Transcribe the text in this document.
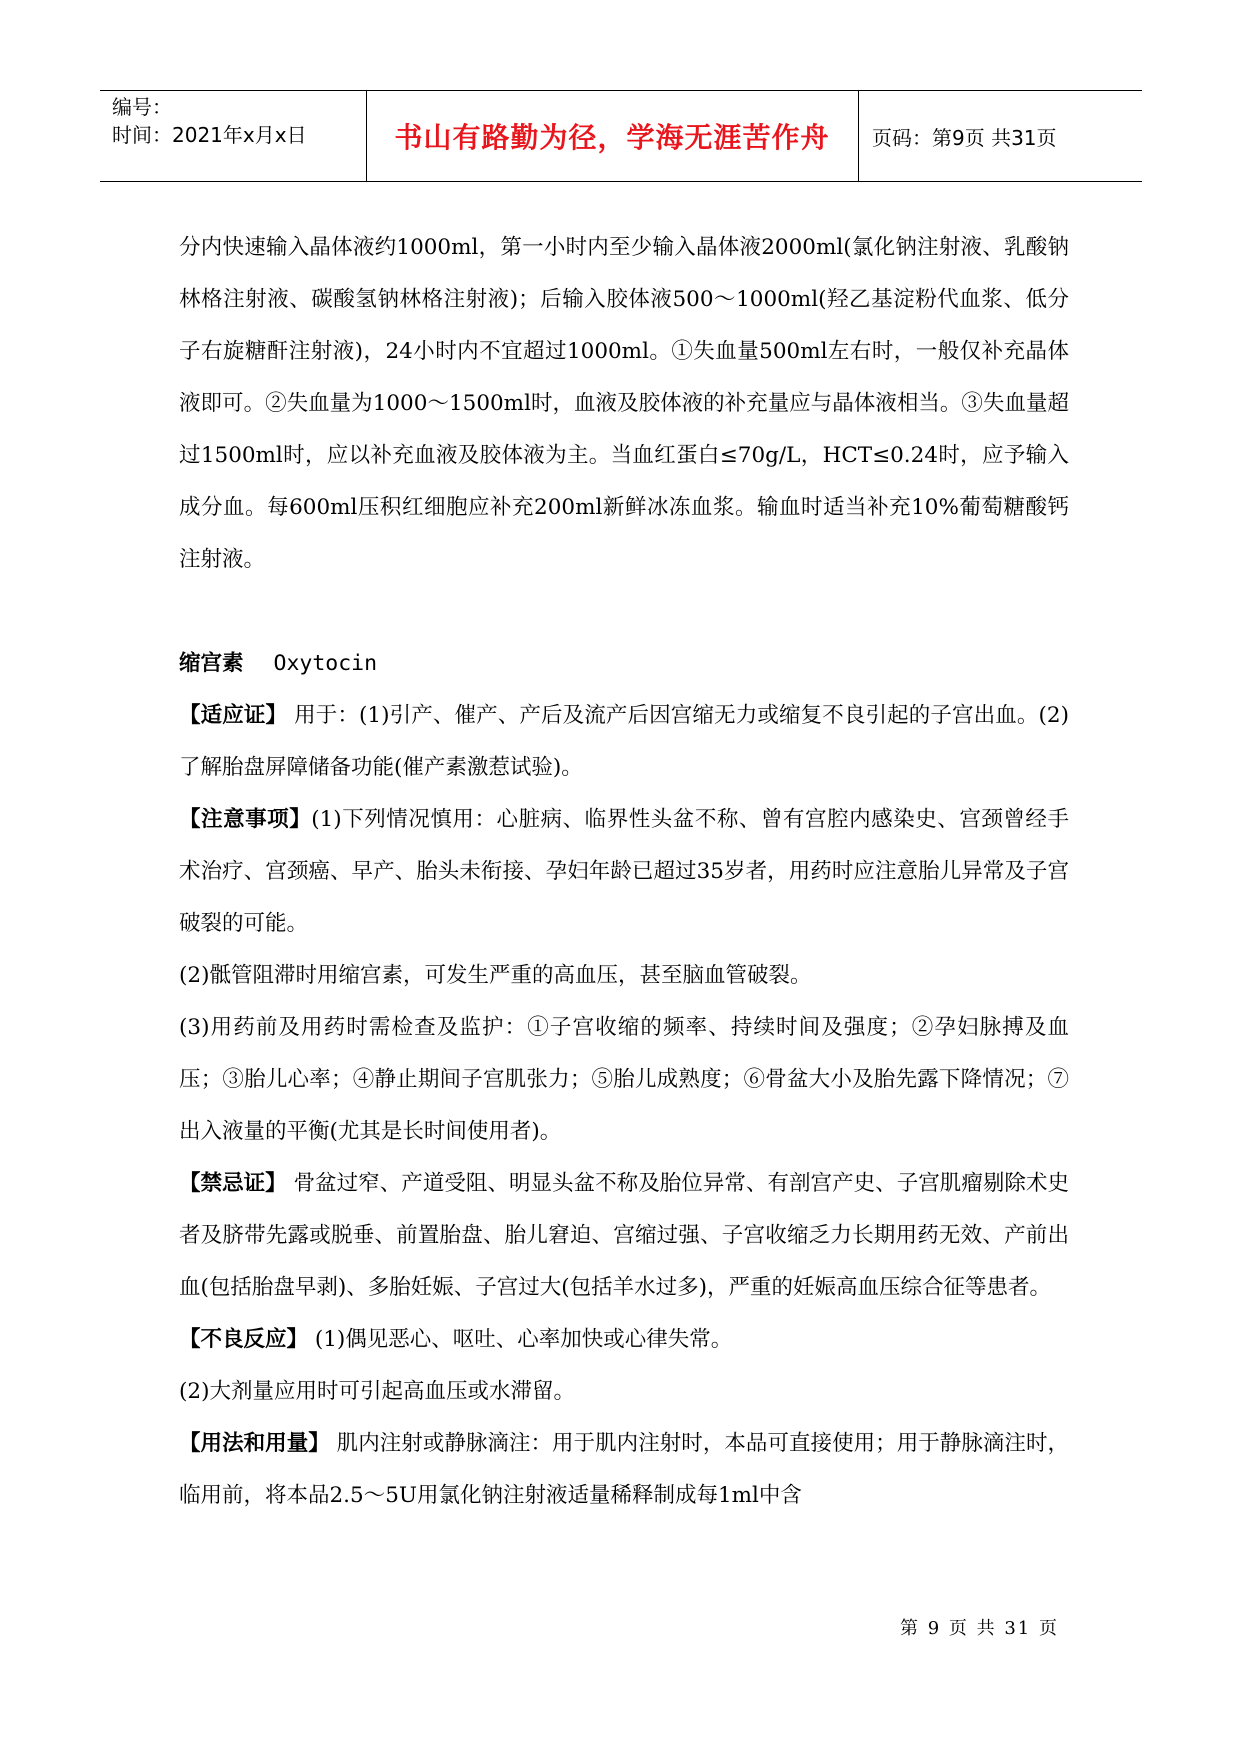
编号：
时间：2021年x月x日	书山有路勤为径，学海无涯苦作舟	页码：第9页 共31页

分内快速输入晶体液约1000ml，第一小时内至少输入晶体液2000ml(氯化钠注射液、乳酸钠林格注射液、碳酸氢钠林格注射液)；后输入胶体液500～1000ml(羟乙基淀粉代血浆、低分子右旋糖酐注射液)，24小时内不宜超过1000ml。①失血量500ml左右时，一般仅补充晶体液即可。②失血量为1000～1500ml时，血液及胶体液的补充量应与晶体液相当。③失血量超过1500ml时，应以补充血液及胶体液为主。当血红蛋白≤70g/L，HCT≤0.24时，应予输入成分血。每600ml压积红细胞应补充200ml新鲜冰冻血浆。输血时适当补充10%葡萄糖酸钙注射液。

缩宫素 Oxytocin

【适应证】 用于：(1)引产、催产、产后及流产后因宫缩无力或缩复不良引起的子宫出血。(2)了解胎盘屏障储备功能(催产素激惹试验)。

【注意事项】(1)下列情况慎用：心脏病、临界性头盆不称、曾有宫腔内感染史、宫颈曾经手术治疗、宫颈癌、早产、胎头未衔接、孕妇年龄已超过35岁者，用药时应注意胎儿异常及子宫破裂的可能。

(2)骶管阻滞时用缩宫素，可发生严重的高血压，甚至脑血管破裂。

(3)用药前及用药时需检查及监护：①子宫收缩的频率、持续时间及强度；②孕妇脉搏及血压；③胎儿心率；④静止期间子宫肌张力；⑤胎儿成熟度；⑥骨盆大小及胎先露下降情况；⑦出入液量的平衡(尤其是长时间使用者)。

【禁忌证】 骨盆过窄、产道受阻、明显头盆不称及胎位异常、有剖宫产史、子宫肌瘤剔除术史者及脐带先露或脱垂、前置胎盘、胎儿窘迫、宫缩过强、子宫收缩乏力长期用药无效、产前出血(包括胎盘早剥)、多胎妊娠、子宫过大(包括羊水过多)，严重的妊娠高血压综合征等患者。

【不良反应】 (1)偶见恶心、呕吐、心率加快或心律失常。

(2)大剂量应用时可引起高血压或水滞留。

【用法和用量】 肌内注射或静脉滴注：用于肌内注射时，本品可直接使用；用于静脉滴注时，临用前，将本品2.5～5U用氯化钠注射液适量稀释制成每1ml中含

第 9 页 共 31 页
